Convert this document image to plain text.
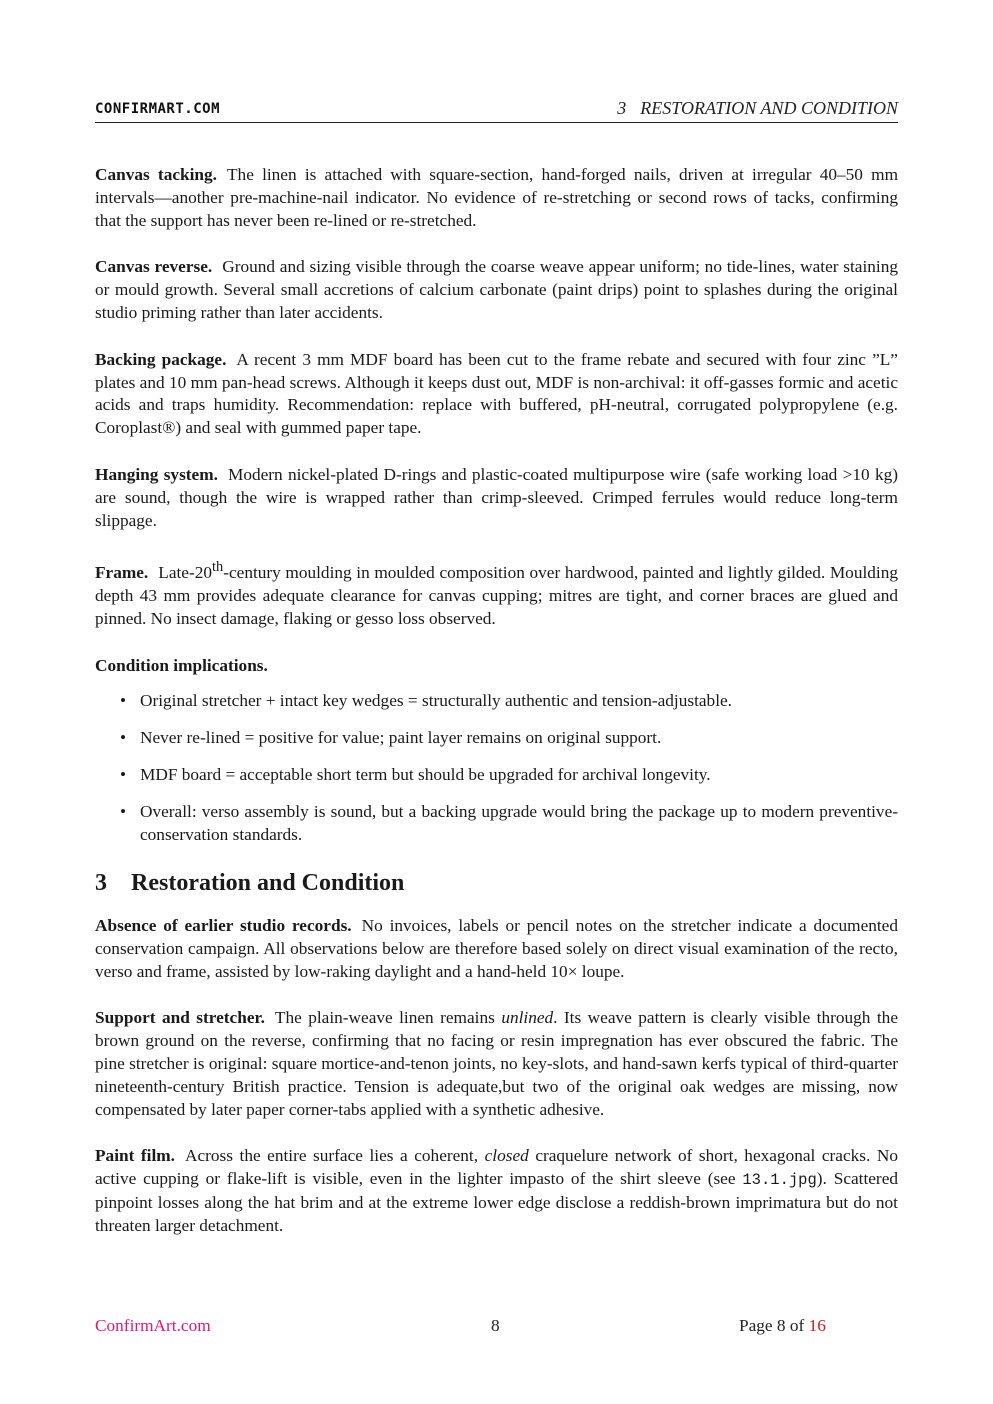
CONFIRMART.COM	3 RESTORATION AND CONDITION

Canvas tacking. The linen is attached with square-section, hand-forged nails, driven at irregular 40–50 mm intervals—another pre-machine-nail indicator. No evidence of re-stretching or second rows of tacks, confirming that the support has never been re-lined or re-stretched.

Canvas reverse. Ground and sizing visible through the coarse weave appear uniform; no tide-lines, water staining or mould growth. Several small accretions of calcium carbonate (paint drips) point to splashes during the original studio priming rather than later accidents.

Backing package. A recent 3 mm MDF board has been cut to the frame rebate and secured with four zinc ”L” plates and 10 mm pan-head screws. Although it keeps dust out, MDF is non-archival: it off-gasses formic and acetic acids and traps humidity. Recommendation: replace with buffered, pH-neutral, corrugated polypropylene (e.g. Coroplast®) and seal with gummed paper tape.

Hanging system. Modern nickel-plated D-rings and plastic-coated multipurpose wire (safe working load >10 kg) are sound, though the wire is wrapped rather than crimp-sleeved. Crimped ferrules would reduce long-term slippage.

Frame. Late-20th-century moulding in moulded composition over hardwood, painted and lightly gilded. Moulding depth 43 mm provides adequate clearance for canvas cupping; mitres are tight, and corner braces are glued and pinned. No insect damage, flaking or gesso loss observed.

Condition implications.
• Original stretcher + intact key wedges = structurally authentic and tension-adjustable.
• Never re-lined = positive for value; paint layer remains on original support.
• MDF board = acceptable short term but should be upgraded for archival longevity.
• Overall: verso assembly is sound, but a backing upgrade would bring the package up to modern preventive-conservation standards.
3 Restoration and Condition

Absence of earlier studio records. No invoices, labels or pencil notes on the stretcher indicate a documented conservation campaign. All observations below are therefore based solely on direct visual examination of the recto, verso and frame, assisted by low-raking daylight and a hand-held 10× loupe.

Support and stretcher. The plain-weave linen remains unlined. Its weave pattern is clearly visible through the brown ground on the reverse, confirming that no facing or resin impregnation has ever obscured the fabric. The pine stretcher is original: square mortice-and-tenon joints, no key-slots, and hand-sawn kerfs typical of third-quarter nineteenth-century British practice. Tension is adequate,but two of the original oak wedges are missing, now compensated by later paper corner-tabs applied with a synthetic adhesive.

Paint film. Across the entire surface lies a coherent, closed craquelure network of short, hexagonal cracks. No active cupping or flake-lift is visible, even in the lighter impasto of the shirt sleeve (see 13.1.jpg). Scattered pinpoint losses along the hat brim and at the extreme lower edge disclose a reddish-brown imprimatura but do not threaten larger detachment.

ConfirmArt.com	8	Page 8 of 16
